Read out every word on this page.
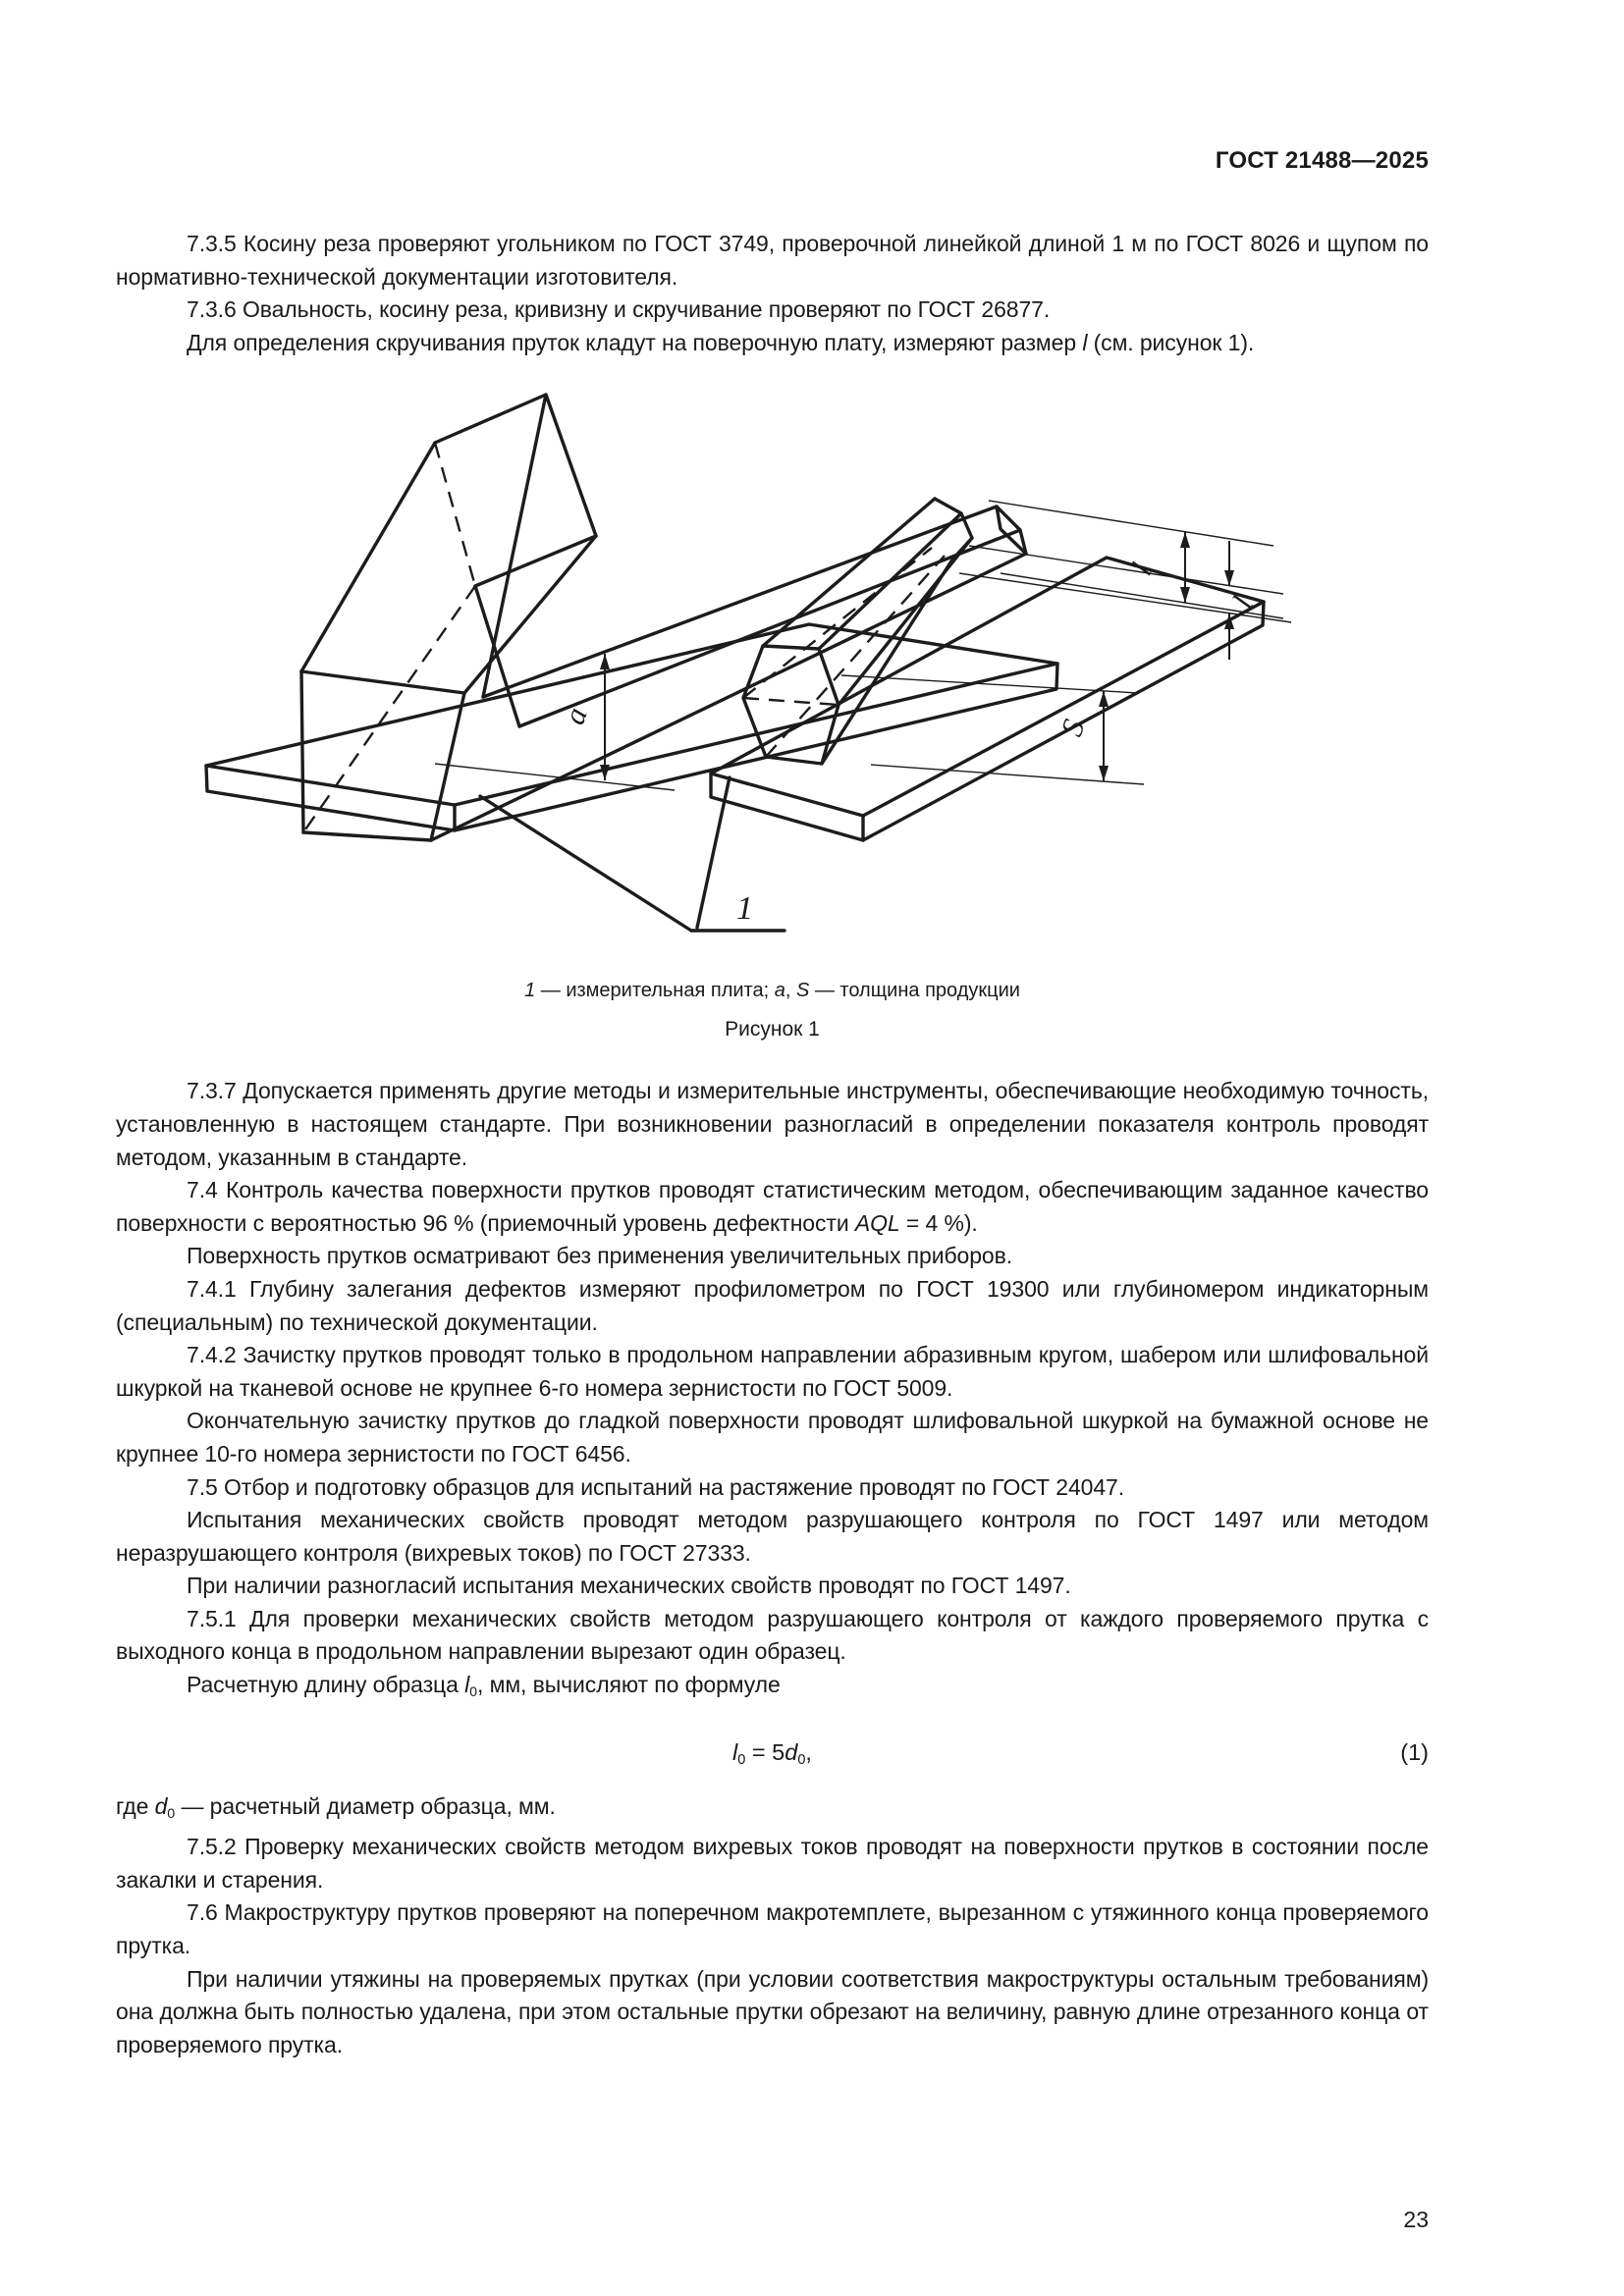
ГОСТ 21488—2025

7.3.5 Косину реза проверяют угольником по ГОСТ 3749, проверочной линейкой длиной 1 м по ГОСТ 8026 и щупом по нормативно-технической документации изготовителя.

7.3.6 Овальность, косину реза, кривизну и скручивание проверяют по ГОСТ 26877.

Для определения скручивания пруток кладут на поверочную плату, измеряют размер l (см. рисунок 1).

l
a
l
S
1
1 — измерительная плита; a, S — толщина продукции
Рисунок 1

7.3.7 Допускается применять другие методы и измерительные инструменты, обеспечивающие необходимую точность, установленную в настоящем стандарте. При возникновении разногласий в определении показателя контроль проводят методом, указанным в стандарте.

7.4 Контроль качества поверхности прутков проводят статистическим методом, обеспечивающим заданное качество поверхности с вероятностью 96 % (приемочный уровень дефектности AQL = 4 %).

Поверхность прутков осматривают без применения увеличительных приборов.

7.4.1 Глубину залегания дефектов измеряют профилометром по ГОСТ 19300 или глубиномером индикаторным (специальным) по технической документации.

7.4.2 Зачистку прутков проводят только в продольном направлении абразивным кругом, шабером или шлифовальной шкуркой на тканевой основе не крупнее 6-го номера зернистости по ГОСТ 5009.

Окончательную зачистку прутков до гладкой поверхности проводят шлифовальной шкуркой на бумажной основе не крупнее 10-го номера зернистости по ГОСТ 6456.

7.5 Отбор и подготовку образцов для испытаний на растяжение проводят по ГОСТ 24047.

Испытания механических свойств проводят методом разрушающего контроля по ГОСТ 1497 или методом неразрушающего контроля (вихревых токов) по ГОСТ 27333.

При наличии разногласий испытания механических свойств проводят по ГОСТ 1497.

7.5.1 Для проверки механических свойств методом разрушающего контроля от каждого проверяемого прутка с выходного конца в продольном направлении вырезают один образец.

Расчетную длину образца $l_0$, мм, вычисляют по формуле

$l_0 = 5d_0$,	(1)

где $d_0$ — расчетный диаметр образца, мм.

7.5.2 Проверку механических свойств методом вихревых токов проводят на поверхности прутков в состоянии после закалки и старения.

7.6 Макроструктуру прутков проверяют на поперечном макротемплете, вырезанном с утяжинного конца проверяемого прутка.

При наличии утяжины на проверяемых прутках (при условии соответствия макроструктуры остальным требованиям) она должна быть полностью удалена, при этом остальные прутки обрезают на величину, равную длине отрезанного конца от проверяемого прутка.

23
